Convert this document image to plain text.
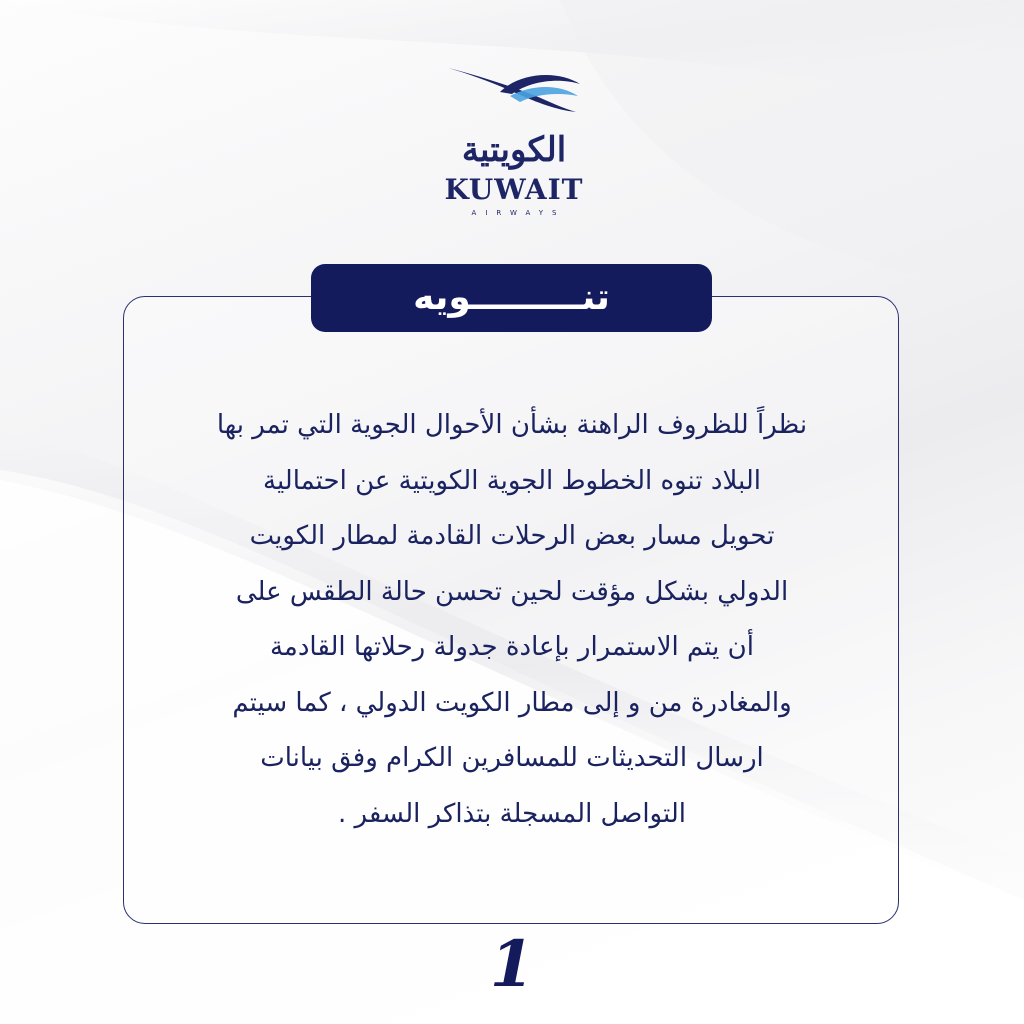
الكويتية
KUWAIT
AIRWAYS
تنـــــــــويه
نظراً للظروف الراهنة بشأن الأحوال الجوية التي تمر بها
البلاد تنوه الخطوط الجوية الكويتية عن احتمالية
تحويل مسار بعض الرحلات القادمة لمطار الكويت
الدولي بشكل مؤقت لحين تحسن حالة الطقس على
أن يتم الاستمرار بإعادة جدولة رحلاتها القادمة
والمغادرة من و إلى مطار الكويت الدولي ، كما سيتم
ارسال التحديثات للمسافرين الكرام وفق بيانات
التواصل المسجلة بتذاكر السفر .
1
